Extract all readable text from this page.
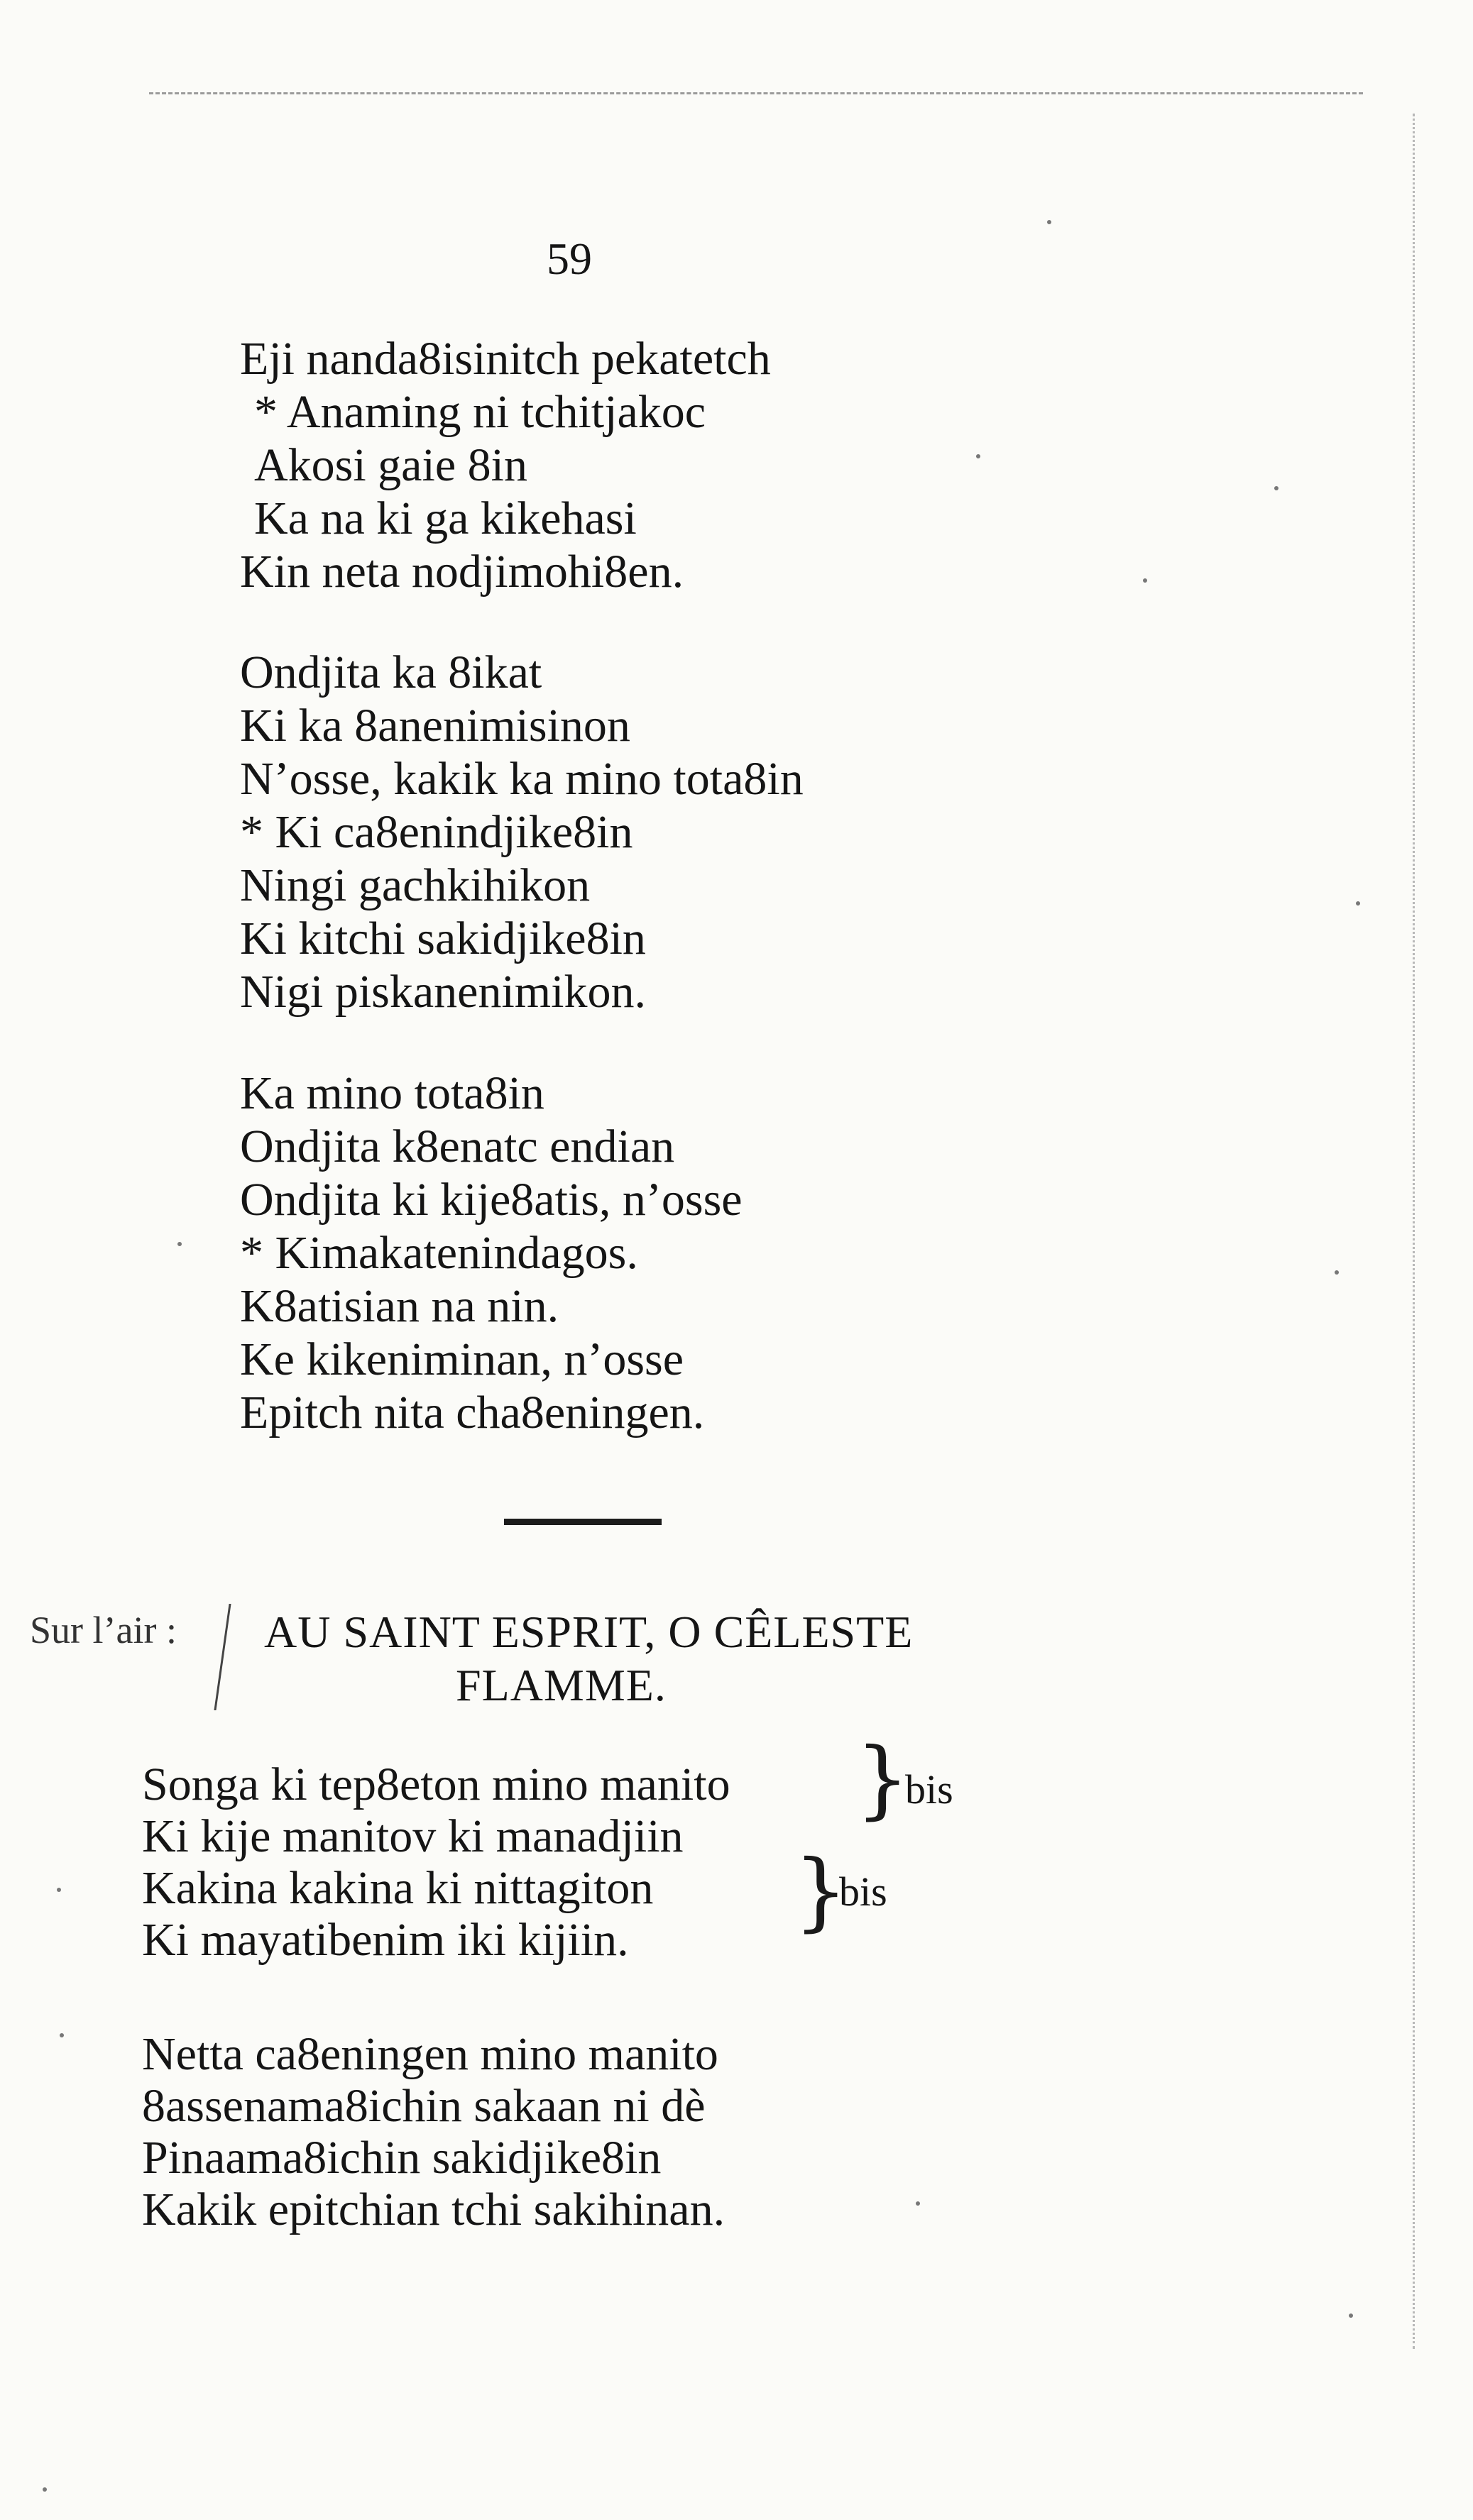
59

Eji nanda8isinitch pekatetch
* Anaming ni tchitjakoc
Akosi gaie 8in
Ka na ki ga kikehasi
Kin neta nodjimohi8en.

Ondjita ka 8ikat
Ki ka 8anenimisinon
N’osse, kakik ka mino tota8in
* Ki ca8enindjike8in
Ningi gachkihikon
Ki kitchi sakidjike8in
Nigi piskanenimikon.

Ka mino tota8in
Ondjita k8enatc endian
Ondjita ki kije8atis, n’osse
* Kimakatenindagos.
K8atisian na nin.
Ke kikeniminan, n’osse
Epitch nita cha8eningen.

Sur l’air : AU SAINT ESPRIT, O CÊLESTE
FLAMME.

Songa ki tep8eton mino manito
Ki kije manitov ki manadjiin
Kakina kakina ki nittagiton
Ki mayatibenim iki kijiin.

}
bis
}
bis

Netta ca8eningen mino manito
8assenama8ichin sakaan ni dè
Pinaama8ichin sakidjike8in
Kakik epitchian tchi sakihinan.
